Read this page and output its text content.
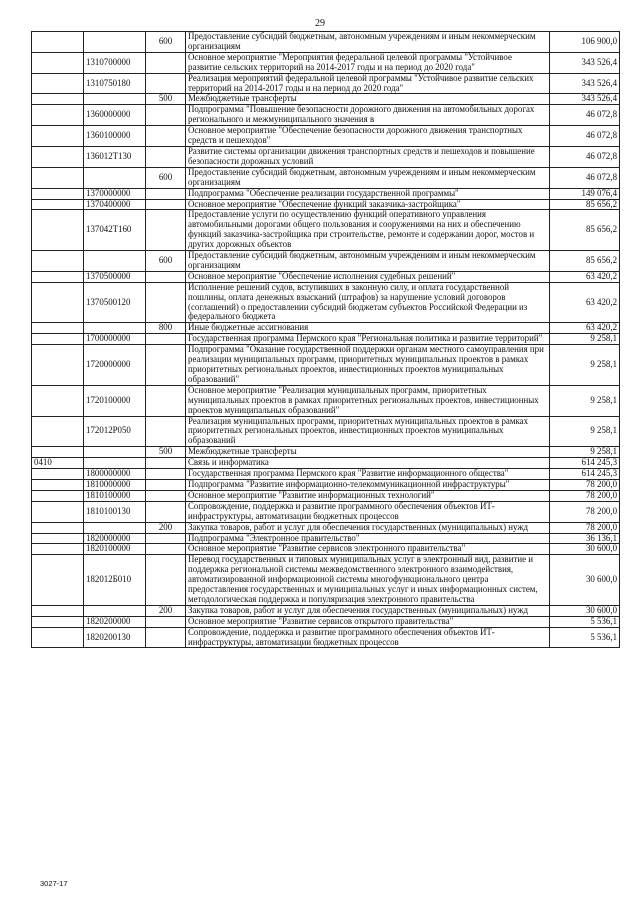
29
		600	Предоставление субсидий бюджетным, автономным учреждениям и иным некоммерческим организациям	106 900,0
	1310700000		Основное мероприятие "Мероприятия федеральной целевой программы "Устойчивое развитие сельских территорий на 2014-2017 годы и на период до 2020 года"	343 526,4
	1310750180		Реализация мероприятий федеральной целевой программы "Устойчивое развитие сельских территорий на 2014-2017 годы и на период до 2020 года"	343 526,4
		500	Межбюджетные трансферты	343 526,4
	1360000000		Подпрограмма "Повышение безопасности дорожного движения на автомобильных дорогах регионального и межмуниципального значения в	46 072,8
	1360100000		Основное мероприятие "Обеспечение безопасности дорожного движения транспортных средств и пешеходов"	46 072,8
	136012Т130		Развитие системы организации движения транспортных средств и пешеходов и повышение безопасности дорожных условий	46 072,8
		600	Предоставление субсидий бюджетным, автономным учреждениям и иным некоммерческим организациям	46 072,8
	1370000000		Подпрограмма "Обеспечение реализации государственной программы"	149 076,4
	1370400000		Основное мероприятие "Обеспечение функций заказчика-застройщика"	85 656,2
	137042Т160		Предоставление услуги по осуществлению функций оперативного управления автомобильными дорогами общего пользования и сооружениями на них и обеспечению функций заказчика-застройщика при строительстве, ремонте и содержании дорог, мостов и других дорожных объектов	85 656,2
		600	Предоставление субсидий бюджетным, автономным учреждениям и иным некоммерческим организациям	85 656,2
	1370500000		Основное мероприятие "Обеспечение исполнения судебных решений"	63 420,2
	1370500120		Исполнение решений судов, вступивших в законную силу, и оплата государственной пошлины, оплата денежных взысканий (штрафов) за нарушение условий договоров (соглашений) о предоставлении субсидий бюджетам субъектов Российской Федерации из федерального бюджета	63 420,2
		800	Иные бюджетные ассигнования	63 420,2
	1700000000		Государственная программа Пермского края "Региональная политика и развитие территорий"	9 258,1
	1720000000		Подпрограмма "Оказание государственной поддержки органам местного самоуправления при реализации муниципальных программ, приоритетных муниципальных проектов в рамках приоритетных региональных проектов, инвестиционных проектов муниципальных образований"	9 258,1
	1720100000		Основное мероприятие "Реализация муниципальных программ, приоритетных муниципальных проектов в рамках приоритетных региональных проектов, инвестиционных проектов муниципальных образований"	9 258,1
	172012Р050		Реализация муниципальных программ, приоритетных муниципальных проектов в рамках приоритетных региональных проектов, инвестиционных проектов муниципальных образований	9 258,1
		500	Межбюджетные трансферты	9 258,1
0410			Связь и информатика	614 245,3
	1800000000		Государственная программа Пермского края "Развитие информационного общества"	614 245,3
	1810000000		Подпрограмма "Развитие информационно-телекоммуникационной инфраструктуры"	78 200,0
	1810100000		Основное мероприятие "Развитие информационных технологий"	78 200,0
	1810100130		Сопровождение, поддержка и развитие программного обеспечения объектов ИТ-инфраструктуры, автоматизации бюджетных процессов	78 200,0
		200	Закупка товаров, работ и услуг для обеспечения государственных (муниципальных) нужд	78 200,0
	1820000000		Подпрограмма "Электронное правительство"	36 136,1
	1820100000		Основное мероприятие "Развитие сервисов электронного правительства"	30 600,0
	182012Б010		Перевод государственных и типовых муниципальных услуг в электронный вид, развитие и поддержка региональной системы межведомственного электронного взаимодействия, автоматизированной информационной системы многофункционального центра предоставления государственных и муниципальных услуг и иных информационных систем, методологическая поддержка и популяризация электронного правительства	30 600,0
		200	Закупка товаров, работ и услуг для обеспечения государственных (муниципальных) нужд	30 600,0
	1820200000		Основное мероприятие "Развитие сервисов открытого правительства"	5 536,1
	1820200130		Сопровождение, поддержка и развитие программного обеспечения объектов ИТ-инфраструктуры, автоматизации бюджетных процессов	5 536,1
3027-17
